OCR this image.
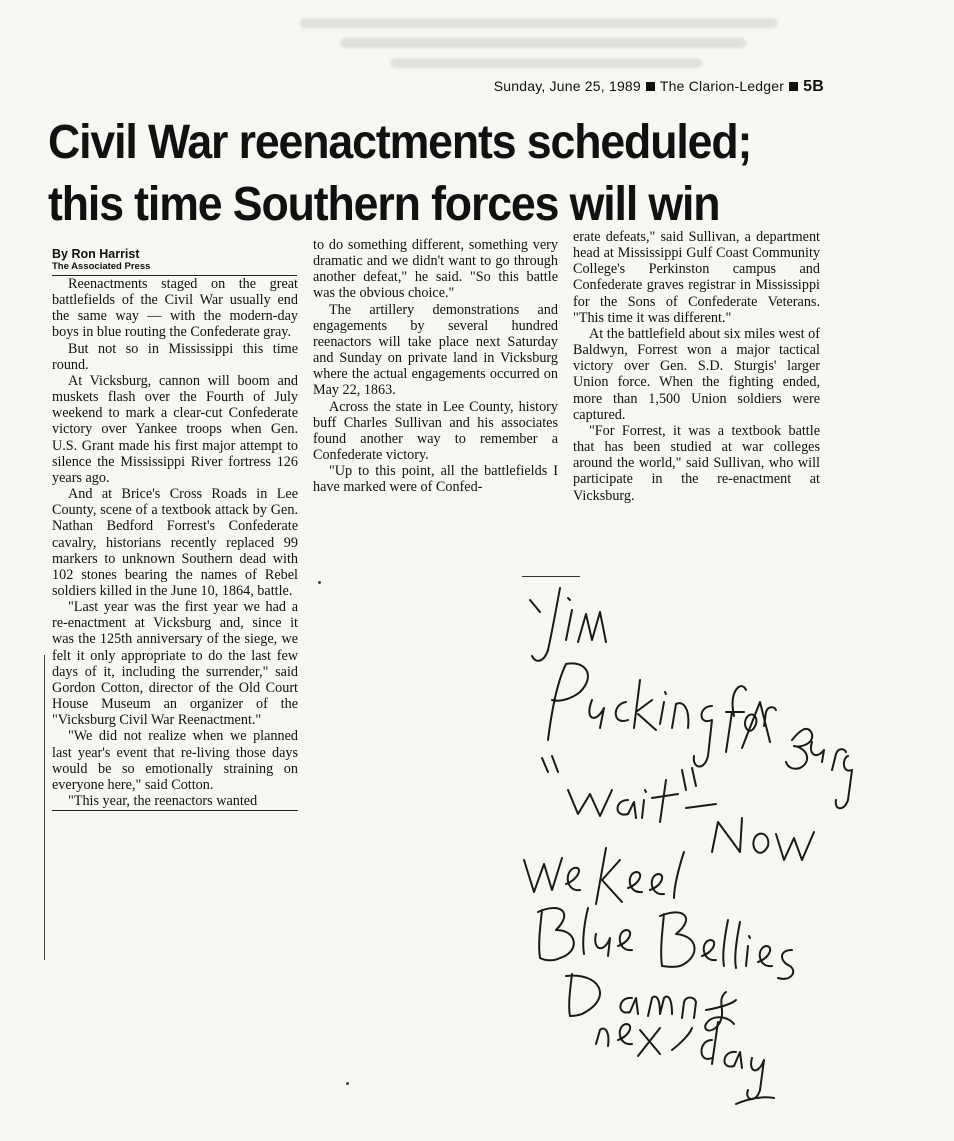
Sunday, June 25, 1989 The Clarion-Ledger 5B
Civil War reenactments scheduled;
this time Southern forces will win
By Ron Harrist
The Associated Press

Reenactments staged on the great battlefields of the Civil War usually end the same way — with the modern-day boys in blue routing the Confederate gray.

But not so in Mississippi this time round.

At Vicksburg, cannon will boom and muskets flash over the Fourth of July weekend to mark a clear-cut Confederate victory over Yankee troops when Gen. U.S. Grant made his first major attempt to silence the Mississippi River fortress 126 years ago.

And at Brice's Cross Roads in Lee County, scene of a textbook attack by Gen. Nathan Bedford Forrest's Confederate cavalry, historians recently replaced 99 markers to unknown Southern dead with 102 stones bearing the names of Rebel soldiers killed in the June 10, 1864, battle.

"Last year was the first year we had a re-enactment at Vicksburg and, since it was the 125th anniversary of the siege, we felt it only appropriate to do the last few days of it, including the surrender," said Gordon Cotton, director of the Old Court House Museum an organizer of the "Vicksburg Civil War Reenactment."

"We did not realize when we planned last year's event that re-living those days would be so emotionally straining on everyone here," said Cotton.

"This year, the reenactors wanted

to do something different, something very dramatic and we didn't want to go through another defeat," he said. "So this battle was the obvious choice."

The artillery demonstrations and engagements by several hundred reenactors will take place next Saturday and Sunday on private land in Vicksburg where the actual engagements occurred on May 22, 1863.

Across the state in Lee County, history buff Charles Sullivan and his associates found another way to remember a Confederate victory.

"Up to this point, all the battlefields I have marked were of Confed-

erate defeats," said Sullivan, a department head at Mississippi Gulf Coast Community College's Perkinston campus and Confederate graves registrar in Mississippi for the Sons of Confederate Veterans. "This time it was different."

At the battlefield about six miles west of Baldwyn, Forrest won a major tactical victory over Gen. S.D. Sturgis' larger Union force. When the fighting ended, more than 1,500 Union soldiers were captured.

"For Forrest, it was a textbook battle that has been studied at war colleges around the world," said Sullivan, who will participate in the re-enactment at Vicksburg.
